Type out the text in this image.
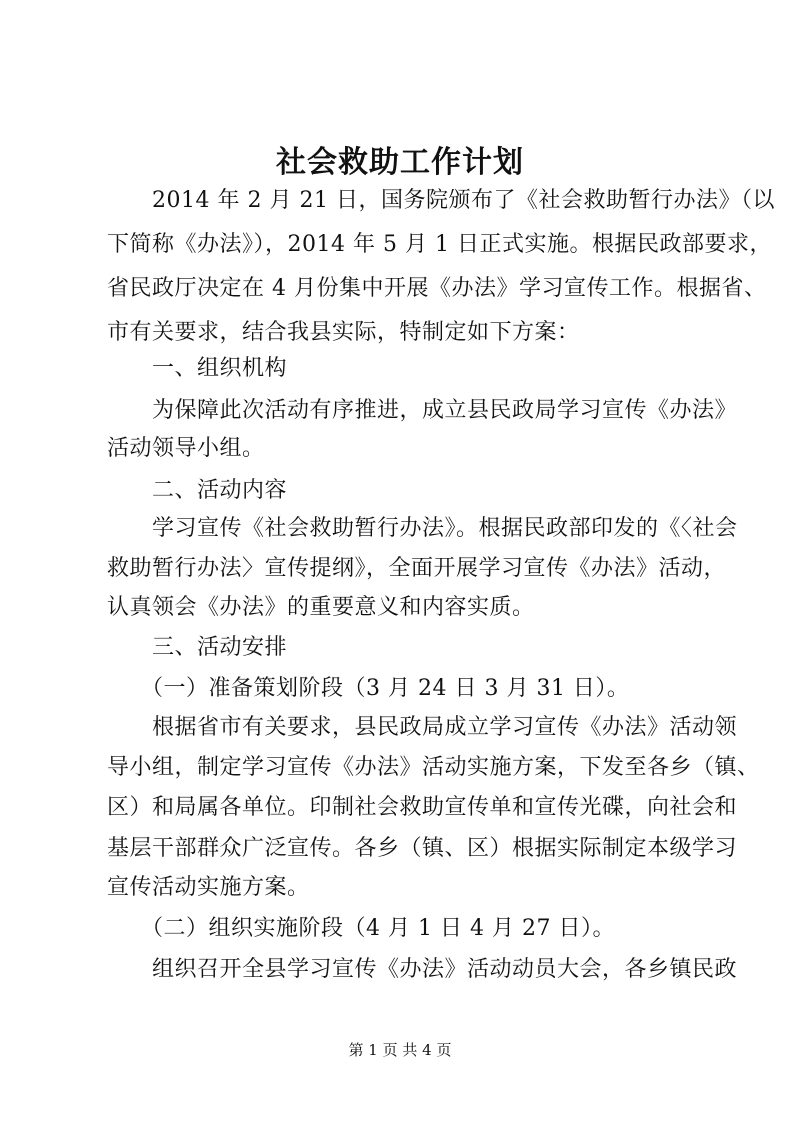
社会救助工作计划
　　2014 年 2 月 21 日，国务院颁布了《社会救助暂行办法》（以
下简称《办法》），2014 年 5 月 1 日正式实施。根据民政部要求，
省民政厅决定在 4 月份集中开展《办法》学习宣传工作。根据省、
市有关要求，结合我县实际，特制定如下方案：
　　一、组织机构
　　为保障此次活动有序推进，成立县民政局学习宣传《办法》
活动领导小组。
　　二、活动内容
　　学习宣传《社会救助暂行办法》。根据民政部印发的《〈社会
救助暂行办法〉宣传提纲》，全面开展学习宣传《办法》活动，
认真领会《办法》的重要意义和内容实质。
　　三、活动安排
　　（一）准备策划阶段（3 月 24 日 3 月 31 日）。
　　根据省市有关要求，县民政局成立学习宣传《办法》活动领
导小组，制定学习宣传《办法》活动实施方案，下发至各乡（镇、
区）和局属各单位。印制社会救助宣传单和宣传光碟，向社会和
基层干部群众广泛宣传。各乡（镇、区）根据实际制定本级学习
宣传活动实施方案。
　　（二）组织实施阶段（4 月 1 日 4 月 27 日）。
　　组织召开全县学习宣传《办法》活动动员大会，各乡镇民政
第 1 页 共 4 页
